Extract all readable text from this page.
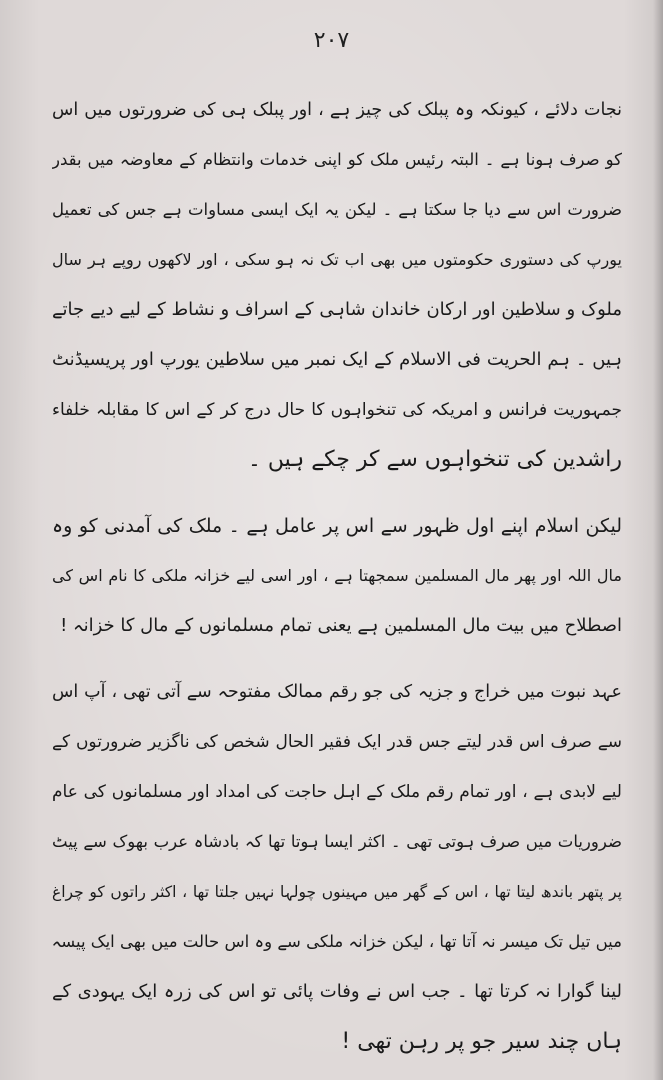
۲۰۷
نجات دلائے ، کیونکہ وہ پبلک کی چیز ہے ، اور پبلک ہی کی ضرورتوں میں اس
کو صرف ہونا ہے ۔ البتہ رئیس ملک کو اپنی خدمات وانتظام کے معاوضہ میں بقدر
ضرورت اس سے دیا جا سکتا ہے ۔ لیکن یہ ایک ایسی مساوات ہے جس کی تعمیل
یورپ کی دستوری حکومتوں میں بھی اب تک نہ ہو سکی ، اور لاکھوں روپے ہر سال
ملوک و سلاطین اور ارکان خاندان شاہی کے اسراف و نشاط کے لیے دیے جاتے
ہیں ۔ ہم الحریت فی الاسلام کے ایک نمبر میں سلاطین یورپ اور پریسیڈنٹ
جمہوریت فرانس و امریکہ کی تنخواہوں کا حال درج کر کے اس کا مقابلہ خلفاء
راشدین کی تنخواہوں سے کر چکے ہیں ۔
لیکن اسلام اپنے اول ظہور سے اس پر عامل ہے ۔ ملک کی آمدنی کو وہ
مال اللہ اور پھر مال المسلمین سمجھتا ہے ، اور اسی لیے خزانہ ملکی کا نام اس کی
اصطلاح میں بیت مال المسلمین ہے یعنی تمام مسلمانوں کے مال کا خزانہ !
عہد نبوت میں خراج و جزیہ کی جو رقم ممالک مفتوحہ سے آتی تھی ، آپ اس
سے صرف اس قدر لیتے جس قدر ایک فقیر الحال شخص کی ناگزیر ضرورتوں کے
لیے لابدی ہے ، اور تمام رقم ملک کے اہل حاجت کی امداد اور مسلمانوں کی عام
ضروریات میں صرف ہوتی تھی ۔ اکثر ایسا ہوتا تھا کہ بادشاہ عرب بھوک سے پیٹ
پر پتھر باندھ لیتا تھا ، اس کے گھر میں مہینوں چولہا نہیں جلتا تھا ، اکثر راتوں کو چراغ
میں تیل تک میسر نہ آتا تھا ، لیکن خزانہ ملکی سے وہ اس حالت میں بھی ایک پیسہ
لینا گوارا نہ کرتا تھا ۔ جب اس نے وفات پائی تو اس کی زرہ ایک یہودی کے
ہاں چند سیر جو پر رہن تھی !
